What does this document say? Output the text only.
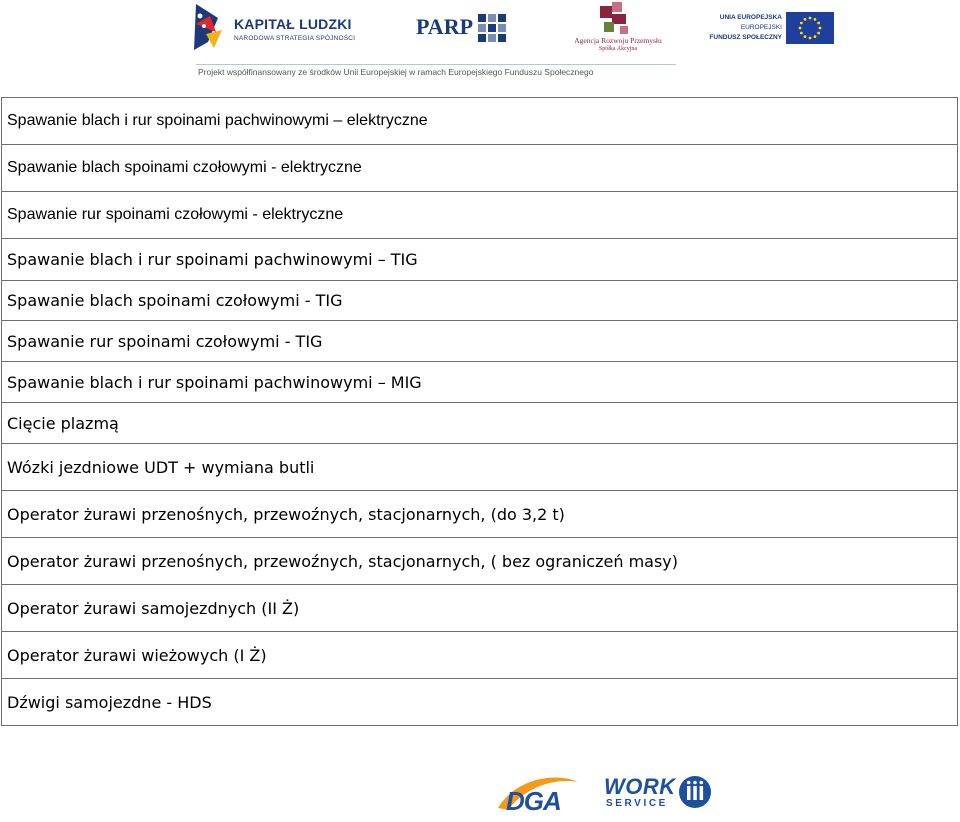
KAPITAŁ LUDZKI
NARODOWA STRATEGIA SPÓJNOŚCI	PARP
Agencja Rozwoju Przemysłu
Spółka Akcyjna
UNIA EUROPEJSKA
EUROPEJSKI
FUNDUSZ SPOŁECZNY
Projekt współfinansowany ze środków Unii Europejskiej w ramach Europejskiego Funduszu Społecznego
Spawanie blach i rur spoinami pachwinowymi – elektryczne
Spawanie blach spoinami czołowymi - elektryczne
Spawanie rur spoinami czołowymi - elektryczne
Spawanie blach i rur spoinami pachwinowymi – TIG
Spawanie blach spoinami czołowymi - TIG
Spawanie rur spoinami czołowymi - TIG
Spawanie blach i rur spoinami pachwinowymi – MIG
Cięcie plazmą
Wózki jezdniowe UDT + wymiana butli
Operator żurawi przenośnych, przewoźnych, stacjonarnych, (do 3,2 t)
Operator żurawi przenośnych, przewoźnych, stacjonarnych, ( bez ograniczeń masy)
Operator żurawi samojezdnych (II Ż)
Operator żurawi wieżowych (I Ż)
Dźwigi samojezdne - HDS
DGA WORK
SERVICE
